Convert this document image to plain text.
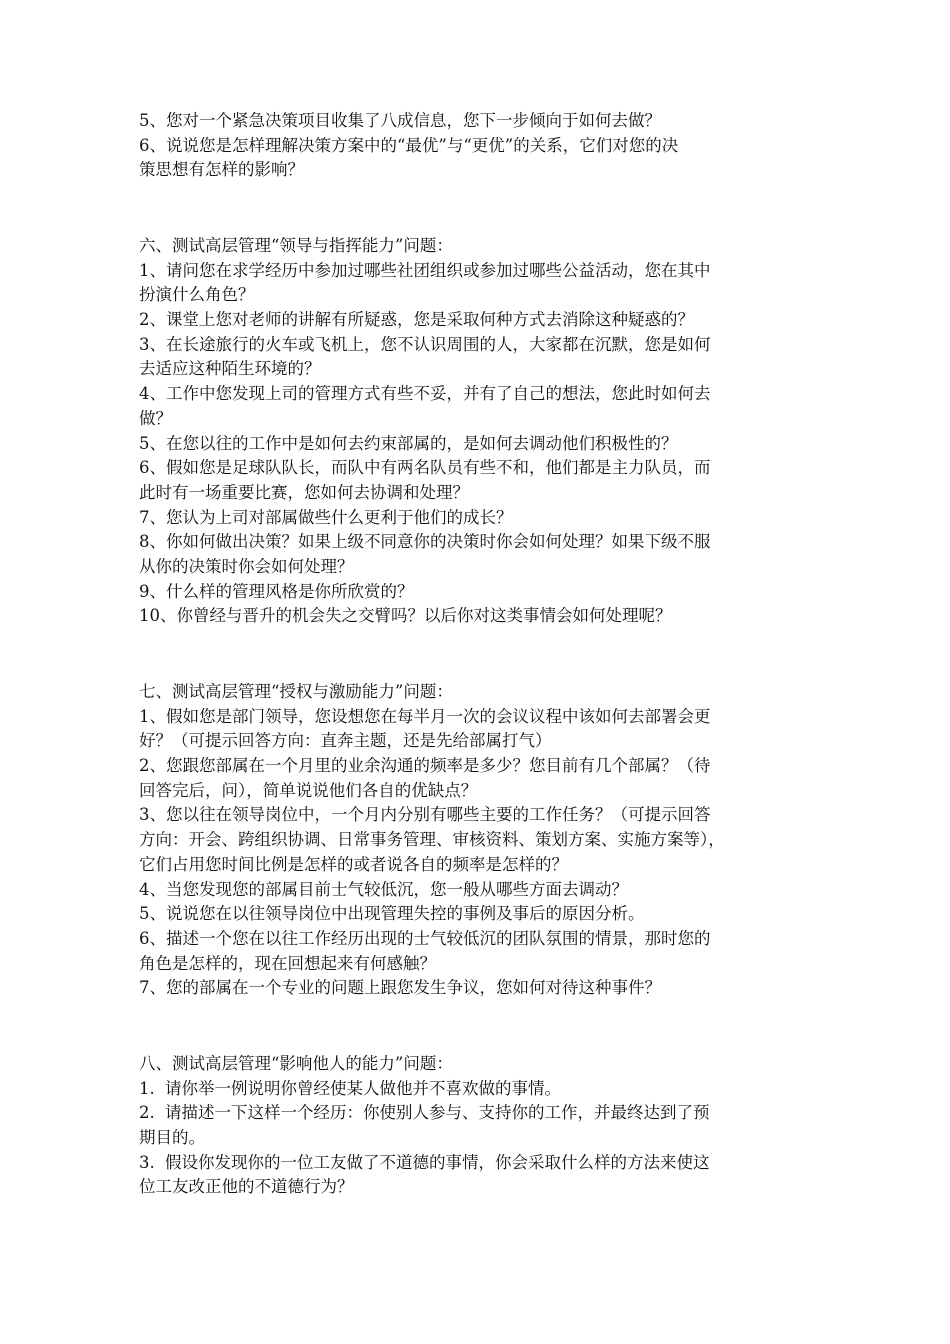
5、您对一个紧急决策项目收集了八成信息，您下一步倾向于如何去做？
6、说说您是怎样理解决策方案中的“最优”与“更优”的关系，它们对您的决
策思想有怎样的影响？
六、测试高层管理“领导与指挥能力”问题：
1、请问您在求学经历中参加过哪些社团组织或参加过哪些公益活动，您在其中
扮演什么角色？
2、课堂上您对老师的讲解有所疑惑，您是采取何种方式去消除这种疑惑的？
3、在长途旅行的火车或飞机上，您不认识周围的人，大家都在沉默，您是如何
去适应这种陌生环境的？
4、工作中您发现上司的管理方式有些不妥，并有了自己的想法，您此时如何去
做？
5、在您以往的工作中是如何去约束部属的，是如何去调动他们积极性的？
6、假如您是足球队队长，而队中有两名队员有些不和，他们都是主力队员，而
此时有一场重要比赛，您如何去协调和处理？
7、您认为上司对部属做些什么更利于他们的成长？
8、你如何做出决策？如果上级不同意你的决策时你会如何处理？如果下级不服
从你的决策时你会如何处理？
9、什么样的管理风格是你所欣赏的？
10、你曾经与晋升的机会失之交臂吗？以后你对这类事情会如何处理呢？
七、测试高层管理“授权与激励能力”问题：
1、假如您是部门领导，您设想您在每半月一次的会议议程中该如何去部署会更
好？（可提示回答方向：直奔主题，还是先给部属打气）
2、您跟您部属在一个月里的业余沟通的频率是多少？您目前有几个部属？（待
回答完后，问），简单说说他们各自的优缺点？
3、您以往在领导岗位中，一个月内分别有哪些主要的工作任务？（可提示回答
方向：开会、跨组织协调、日常事务管理、审核资料、策划方案、实施方案等），
它们占用您时间比例是怎样的或者说各自的频率是怎样的？
4、当您发现您的部属目前士气较低沉，您一般从哪些方面去调动？
5、说说您在以往领导岗位中出现管理失控的事例及事后的原因分析。
6、描述一个您在以往工作经历出现的士气较低沉的团队氛围的情景，那时您的
角色是怎样的，现在回想起来有何感触？
7、您的部属在一个专业的问题上跟您发生争议，您如何对待这种事件？
八、测试高层管理“影响他人的能力”问题：
1. 请你举一例说明你曾经使某人做他并不喜欢做的事情。
2. 请描述一下这样一个经历：你使别人参与、支持你的工作，并最终达到了预
期目的。
3. 假设你发现你的一位工友做了不道德的事情，你会采取什么样的方法来使这
位工友改正他的不道德行为？
